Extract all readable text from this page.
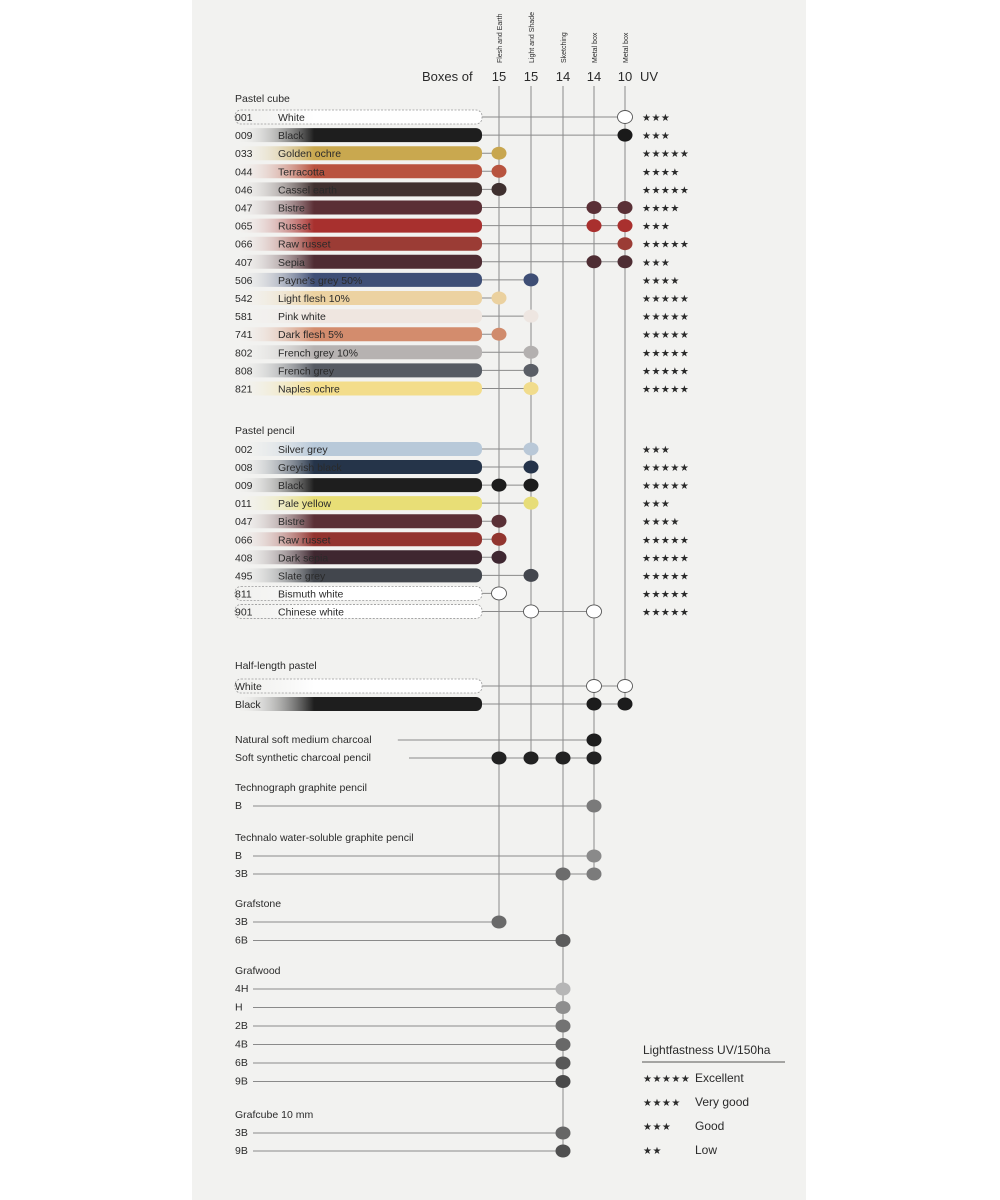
Boxes of
Flesh and Earth
15
Light and Shade
15
Sketching
14
Metal box
14
Metal box
10 UV
Pastel cube
001 White	★★★
009 Black	★★★
033 Golden ochre	★★★★★
044 Terracotta	★★★★
046 Cassel earth	★★★★★
047 Bistre	★★★★
065 Russet	★★★
066 Raw russet	★★★★★
407 Sepia	★★★
506 Payne's grey 50%	★★★★
542 Light flesh 10%	★★★★★
581 Pink white	★★★★★
741 Dark flesh 5%	★★★★★
802 French grey 10%	★★★★★
808 French grey	★★★★★
821 Naples ochre	★★★★★
Pastel pencil
002 Silver grey	★★★
008 Greyish black	★★★★★
009 Black	★★★★★
011	Pale yellow	★★★
047 Bistre	★★★★
066 Raw russet	★★★★★
408 Dark sepia	★★★★★
495 Slate grey	★★★★★
811	Bismuth white	★★★★★
901 Chinese white	★★★★★
Half-length pastel
White
Black
Natural soft medium charcoal
Soft synthetic charcoal pencil
Technograph graphite pencil
B
Technalo water-soluble graphite pencil
B
3B
Grafstone
3B
6B
Grafwood
4H
H
2B
4B
6B
9B
Grafcube 10 mm
3B
9B
Lightfastness UV/150ha
★★★★★ Excellent
★★★★ Very good
★★★ Good
★★	Low
